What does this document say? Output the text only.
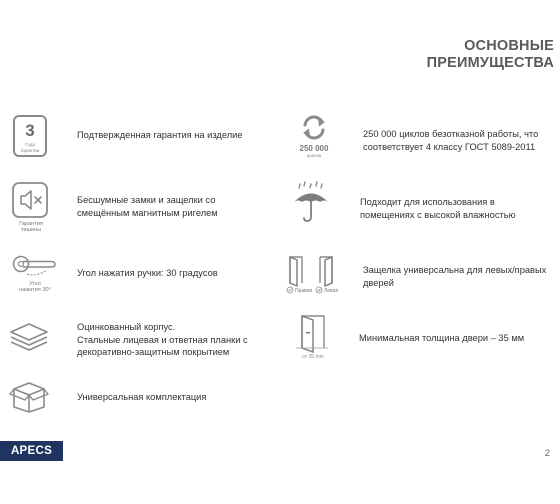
ОСНОВНЫЕ
ПРЕИМУЩЕСТВА
3
Года
гарантии
Подтвержденная гарантия на изделие
Гарантия
тишины
Бесшумные замки и защелки со
смещённым магнитным ригелем
Угол
нажатия 30°
Угол нажатия ручки: 30 градусов
Оцинкованный корпус.
Стальные лицевая и ответная планки с
декоративно-защитным покрытием
Универсальная комплектация
250 000
циклов
250 000 циклов безотказной работы, что
соответствует 4 классу ГОСТ 5089-2011
Подходит для использования в
помещениях с высокой влажностью
Правая Левая
Защелка универсальна для левых/правых
дверей
от 35 mm
Минимальная толщина двери – 35 мм
APECS	2
